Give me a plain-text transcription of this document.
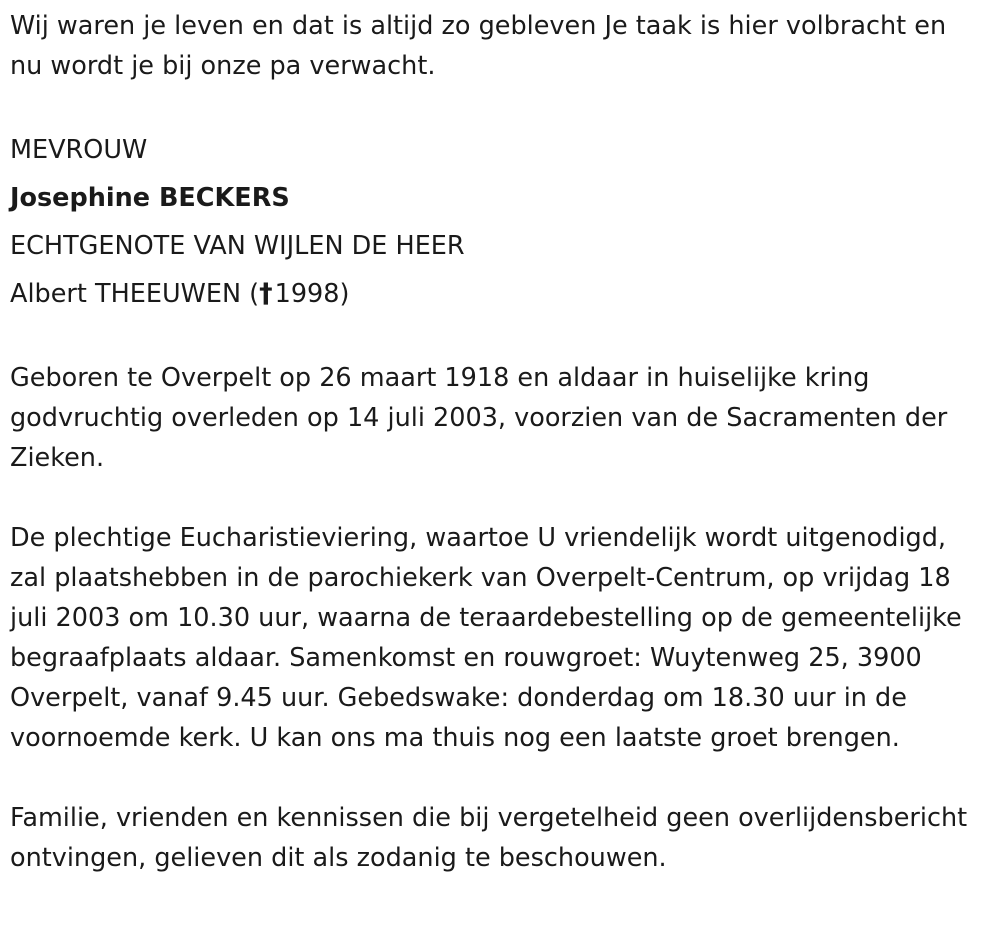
Wij waren je leven en dat is altijd zo gebleven Je taak is hier volbracht en nu wordt je bij onze pa verwacht.

MEVROUW

Josephine BECKERS

ECHTGENOTE VAN WIJLEN DE HEER

Albert THEEUWEN (†1998)

Geboren te Overpelt op 26 maart 1918 en aldaar in huiselijke kring godvruchtig overleden op 14 juli 2003, voorzien van de Sacramenten der Zieken.

De plechtige Eucharistieviering, waartoe U vriendelijk wordt uitgenodigd, zal plaatshebben in de parochiekerk van Overpelt-Centrum, op vrijdag 18 juli 2003 om 10.30 uur, waarna de teraardebestelling op de gemeentelijke begraafplaats aldaar. Samenkomst en rouwgroet: Wuytenweg 25, 3900 Overpelt, vanaf 9.45 uur. Gebedswake: donderdag om 18.30 uur in de voornoemde kerk. U kan ons ma thuis nog een laatste groet brengen.

Familie, vrienden en kennissen die bij vergetelheid geen overlijdensbericht ontvingen, gelieven dit als zodanig te beschouwen.
